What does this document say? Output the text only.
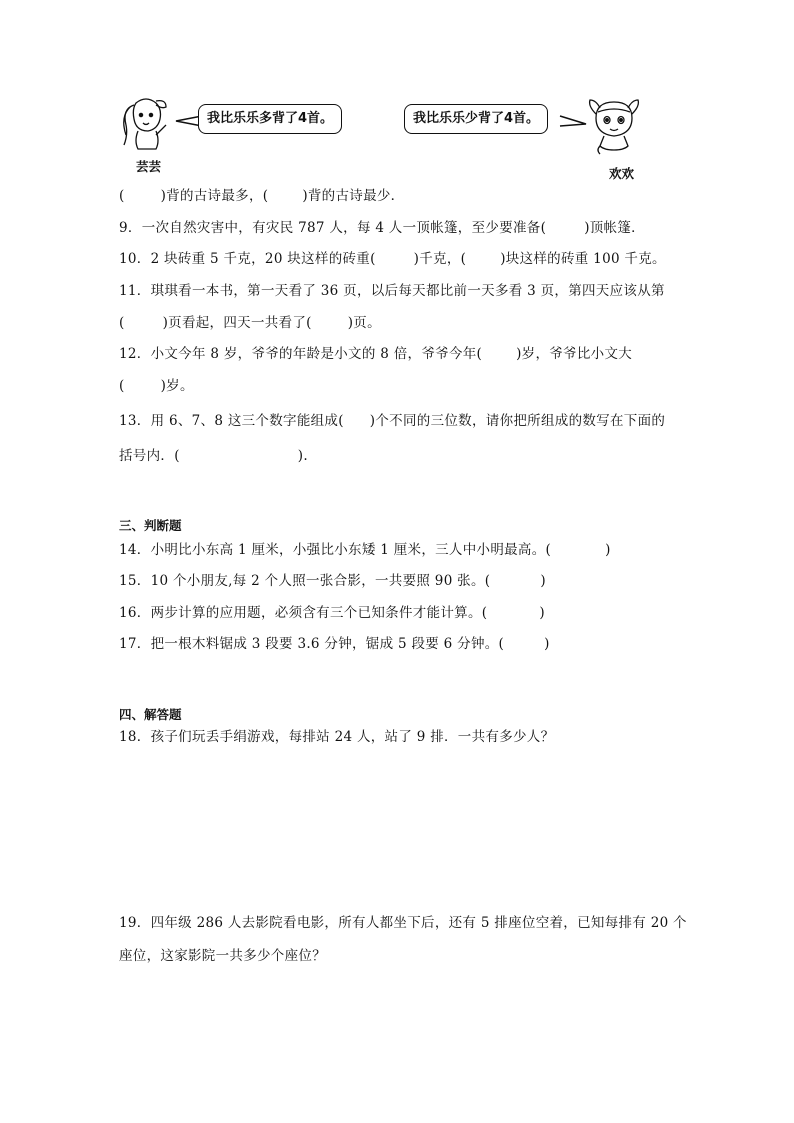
芸芸
我比乐乐多背了4首。	我比乐乐少背了4首。
欢欢
(	)背的古诗最多，(	)背的古诗最少．
9．一次自然灾害中，有灾民 787 人，每 4 人一顶帐篷，至少要准备(	)顶帐篷．
10．2 块砖重 5 千克，20 块这样的砖重(	)千克，(	)块这样的砖重 100 千克。
11．琪琪看一本书，第一天看了 36 页，以后每天都比前一天多看 3 页，第四天应该从第
(	)页看起，四天一共看了(	)页。
12．小文今年 8 岁，爷爷的年龄是小文的 8 倍，爷爷今年(	)岁，爷爷比小文大
(	)岁。
13．用 6、7、8 这三个数字能组成( )个不同的三位数，请你把所组成的数写在下面的
括号内．(	).
三、判断题
14．小明比小东高 1 厘米，小强比小东矮 1 厘米，三人中小明最高。(	)
15．10 个小朋友,每 2 个人照一张合影，一共要照 90 张。(	)
16．两步计算的应用题，必须含有三个已知条件才能计算。(	)
17．把一根木料锯成 3 段要 3.6 分钟，锯成 5 段要 6 分钟。(	)
四、解答题
18．孩子们玩丢手绢游戏，每排站 24 人，站了 9 排．一共有多少人？
19．四年级 286 人去影院看电影，所有人都坐下后，还有 5 排座位空着，已知每排有 20 个
座位，这家影院一共多少个座位？
